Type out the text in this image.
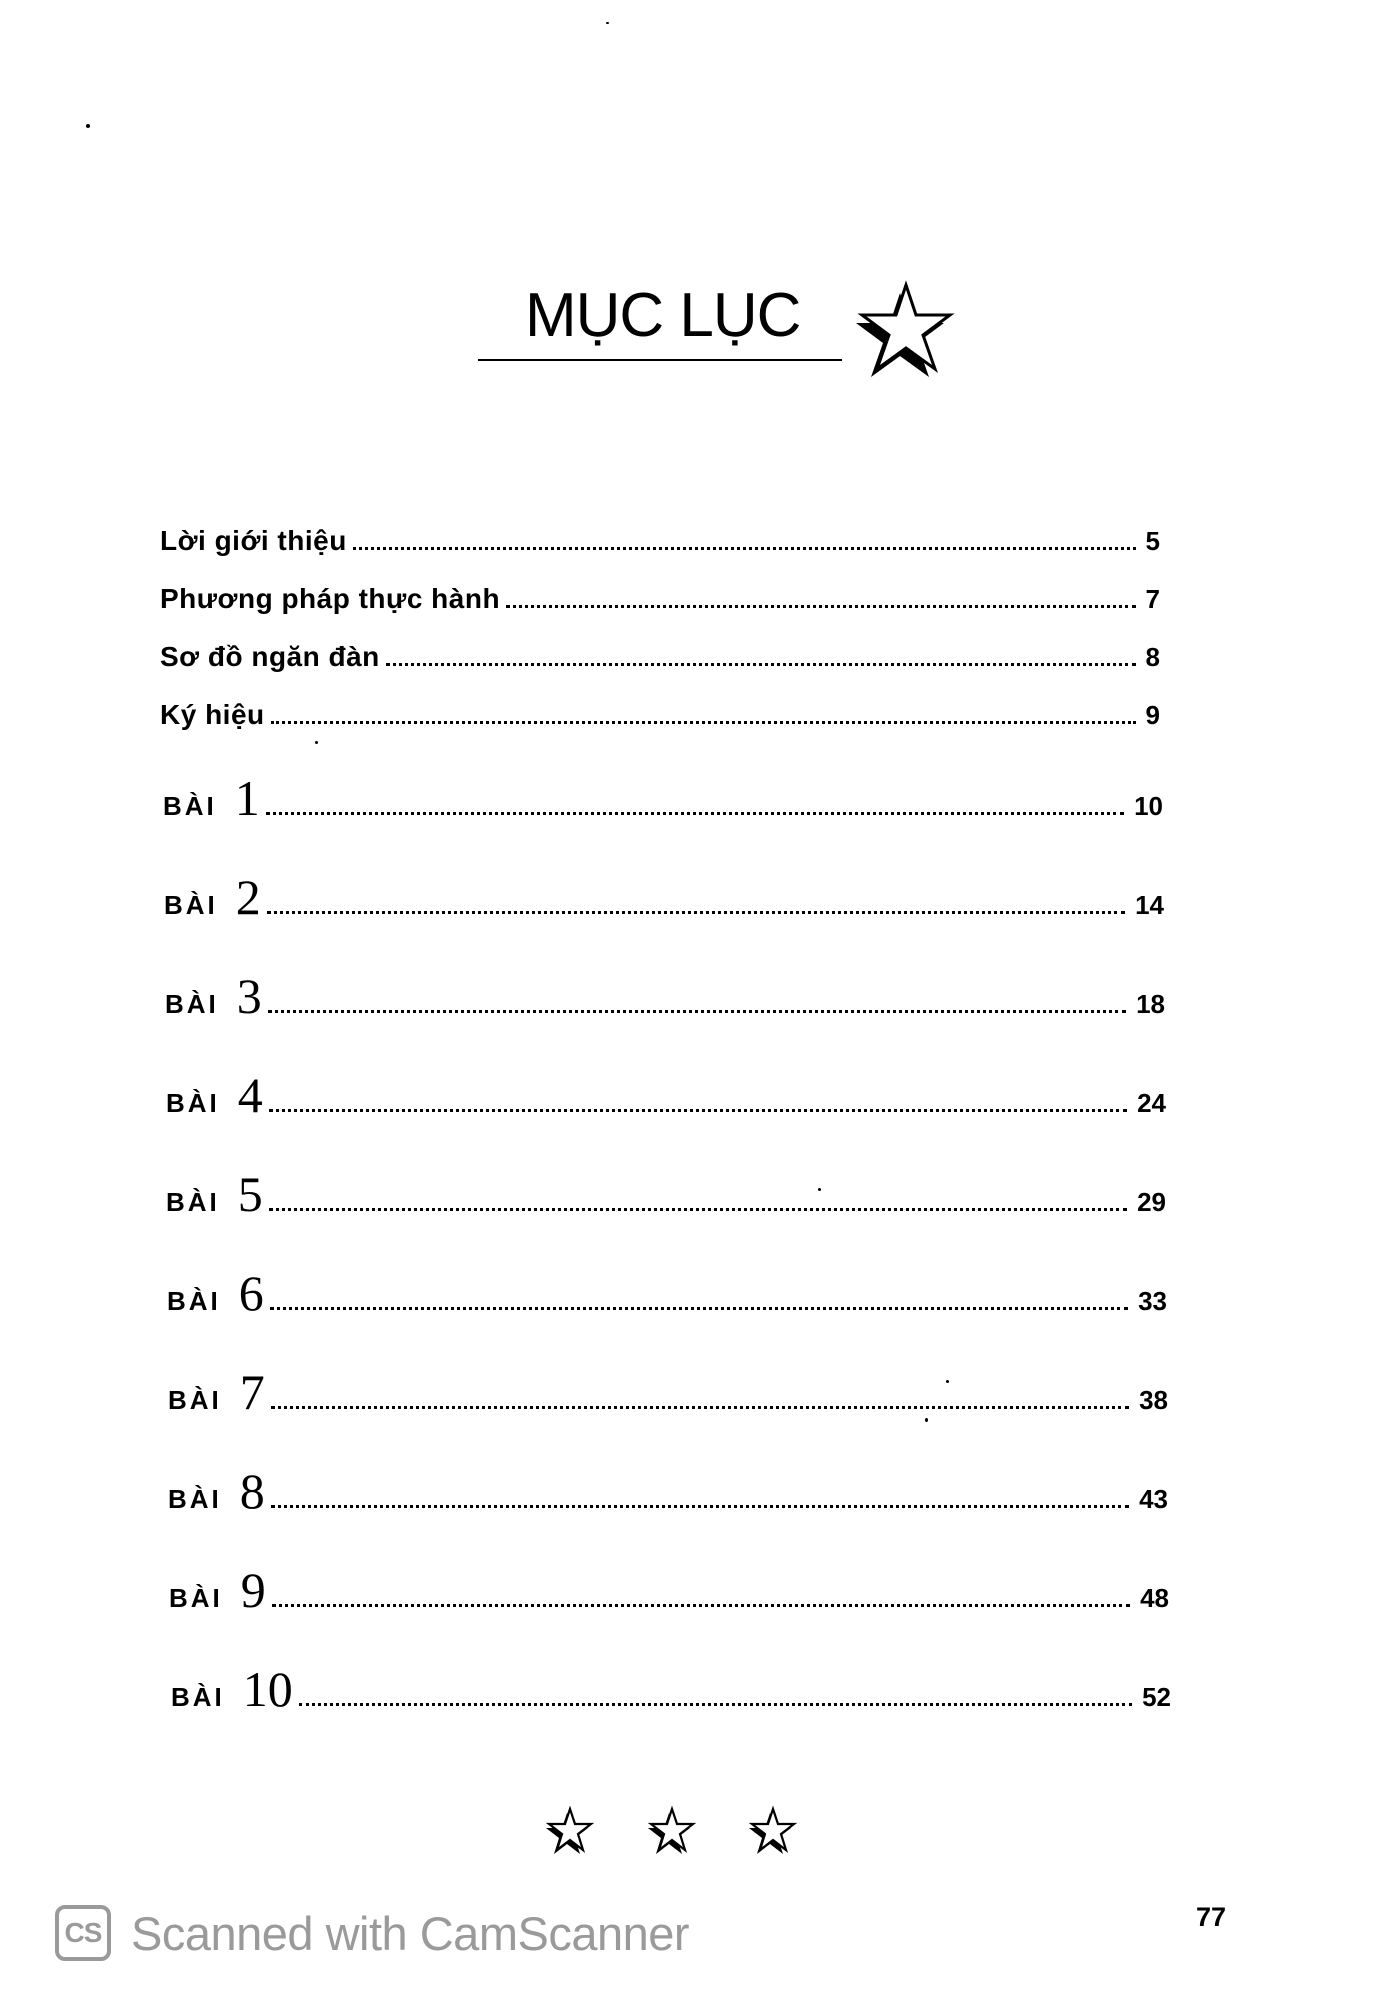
MỤC LỤC
Lời giới thiệu	5
Phương pháp thực hành	7
Sơ đồ ngăn đàn	8
Ký hiệu	9
BÀI 1	10
BÀI 2	14
BÀI 3	18
BÀI 4	24
BÀI 5	29
BÀI 6	33
BÀI 7	38
BÀI 8	43
BÀI 9	48
BÀI 10	52
77
CS Scanned with CamScanner
